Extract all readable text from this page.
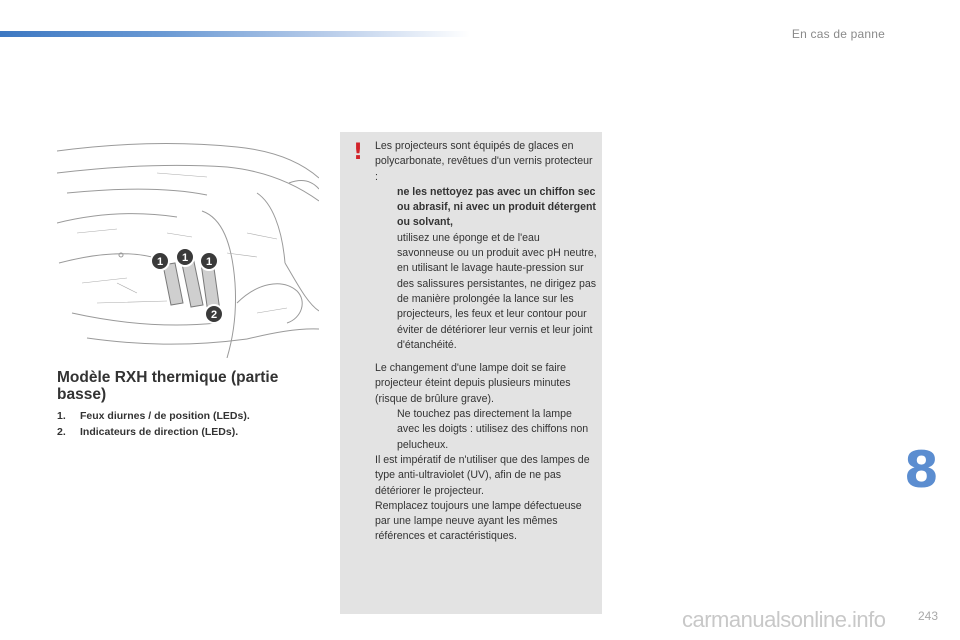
En cas de panne
1 1 1
2
Modèle RXH thermique (partie basse)
1.	Feux diurnes / de position (LEDs).
2.	Indicateurs de direction (LEDs).
! Les projecteurs sont équipés de glaces en polycarbonate, revêtues d'un vernis protecteur :

ne les nettoyez pas avec un chiffon sec ou abrasif, ni avec un produit détergent ou solvant,
utilisez une éponge et de l'eau savonneuse ou un produit avec pH neutre,
en utilisant le lavage haute-pression sur des salissures persistantes, ne dirigez pas de manière prolongée la lance sur les projecteurs, les feux et leur contour pour éviter de détériorer leur vernis et leur joint d'étanchéité.

Le changement d'une lampe doit se faire projecteur éteint depuis plusieurs minutes (risque de brûlure grave).

Ne touchez pas directement la lampe avec les doigts : utilisez des chiffons non pelucheux.

Il est impératif de n'utiliser que des lampes de type anti-ultraviolet (UV), afin de ne pas détériorer le projecteur.

Remplacez toujours une lampe défectueuse par une lampe neuve ayant les mêmes références et caractéristiques.

8
carmanualsonline.info	243
